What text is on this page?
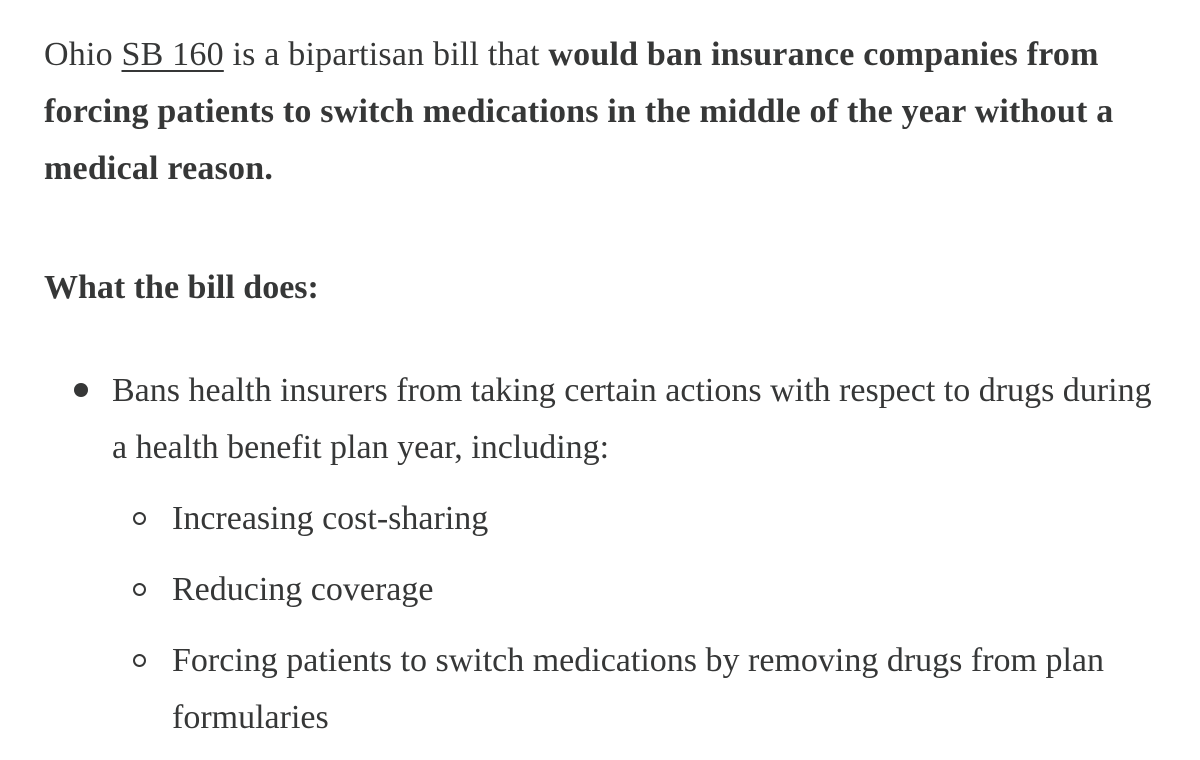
Ohio SB 160 is a bipartisan bill that would ban insurance companies from forcing patients to switch medications in the middle of the year without a medical reason.

What the bill does:
Bans health insurers from taking certain actions with respect to drugs during a health benefit plan year, including:
Increasing cost-sharing
Reducing coverage
Forcing patients to switch medications by removing drugs from plan formularies
